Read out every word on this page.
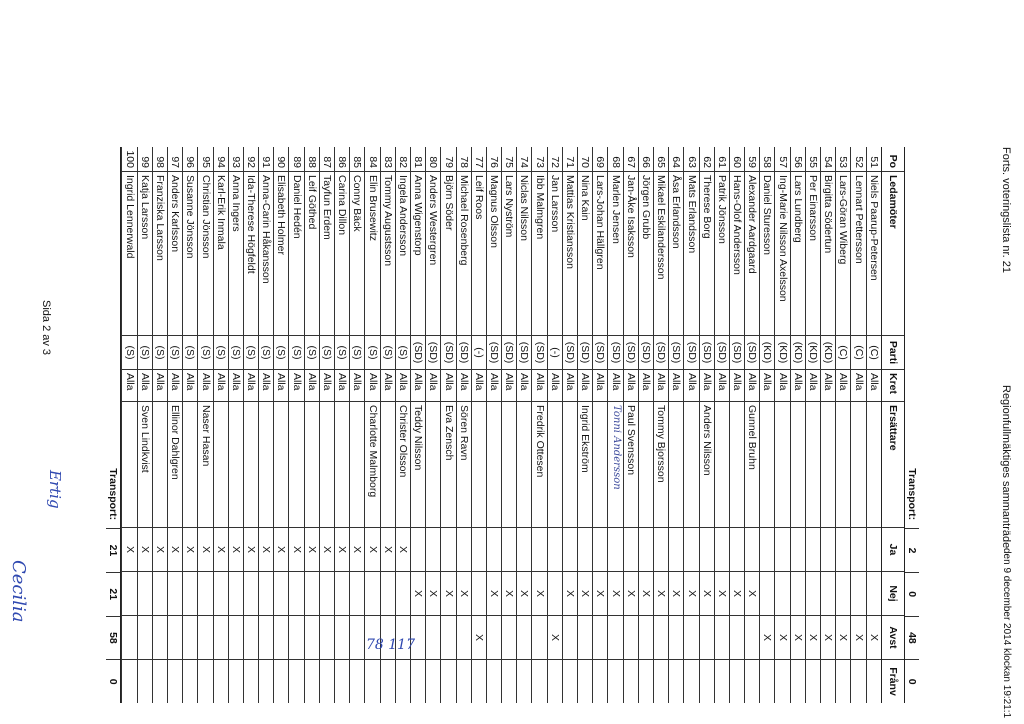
Forts. voteringslista nr. 21
Regionfullmäktiges sammanträde
den 9 december 2014 klockan 19:21:1
Transport:
2
0
48
0
Po
Ledamöter
Parti
Kret
Ersättare
Ja
Nej
Avst
Frånv
51
Niels Paarup-Petersen
(C)
Alla
X
52
Lennart Pettersson
(C)
Alla
X
53
Lars-Göran Wiberg
(C)
Alla
X
54
Birgitta Södertun
(KD)
Alla
X
55
Per Einarsson
(KD)
Alla
X
56
Lars Lundberg
(KD)
Alla
X
57
Ing-Marie Nilsson Axelsson
(KD)
Alla
X
58
Daniel Sturesson
(KD)
Alla
X
59
Alexander Aardgaard
(SD)
Alla
Gunnel Bruhn
X
60
Hans-Olof Andersson
(SD)
Alla
X
61
Patrik Jönsson
(SD)
Alla
X
62
Therese Borg
(SD)
Alla
Anders Nilsson
X
63
Mats Erlandsson
(SD)
Alla
X
64
Åsa Erlandsson
(SD)
Alla
X
65
Mikael Eskilandersson
(SD)
Alla
Tommy Bjorsson
X
66
Jörgen Grubb
(SD)
Alla
X
67
Jan-Åke Isaksson
(SD)
Alla
Paul Svensson
X
68
Marlen Jensen
(SD)
Alla
Tonni Andersson
X
69
Lars-Johan Hällgren
(SD)
Alla
X
70
Nina Kain
(SD)
Alla
Ingrid Ekström
X
71
Mattias Kristiansson
(SD)
Alla
X
72
Jan Larsson
(-)
Alla
X
73
Ibb Malmgren
(SD)
Alla
Fredrik Ottesen
X
74
Niclas Nilsson
(SD)
Alla
X
75
Lars Nyström
(SD)
Alla
X
76
Magnus Olsson
(SD)
Alla
X
77
Leif Roos
(-)
Alla
X
78
Michael Rosenberg
(SD)
Alla
Sören Ravn
X
79
Björn Söder
(SD)
Alla
Eva Zensch
X
80
Anders Westergren
(SD)
Alla
X
81
Anna Wigenstorp
(SD)
Alla
Teddy Nilsson
X
82
Ingela Andersson
(S)
Alla
Christer Olsson
X
83
Tommy Augustsson
(S)
Alla
X
84
Elin Brusewitz
(S)
Alla
Charlotte Malmborg
X
85
Conny Bäck
(S)
Alla
X
86
Carina Dillon
(S)
Alla
X
87
Tayfun Erdem
(S)
Alla
X
88
Leif Göthed
(S)
Alla
X
89
Daniel Hedén
(S)
Alla
X
90
Elisabeth Holmer
(S)
Alla
X
91
Anna-Carin Håkansson
(S)
Alla
X
92
Ida-Therese Högfeldt
(S)
Alla
X
93
Anna Ingers
(S)
Alla
X
94
Karl-Erik Inmala
(S)
Alla
X
95
Christian Jönsson
(S)
Alla
Naser Hasan
X
96
Susanne Jönsson
(S)
Alla
X
97
Anders Karlsson
(S)
Alla
Ellinor Dahlgren
X
98
Franziska Larsson
(S)
Alla
X
99
Katja Larsson
(S)
Alla
Sven Lindkvist
X
100
Ingrid Lennerwald
(S)
Alla
X
Transport:
21
21
58
0
Sida 2 av 3
Cecilia
Ertig
78 117
